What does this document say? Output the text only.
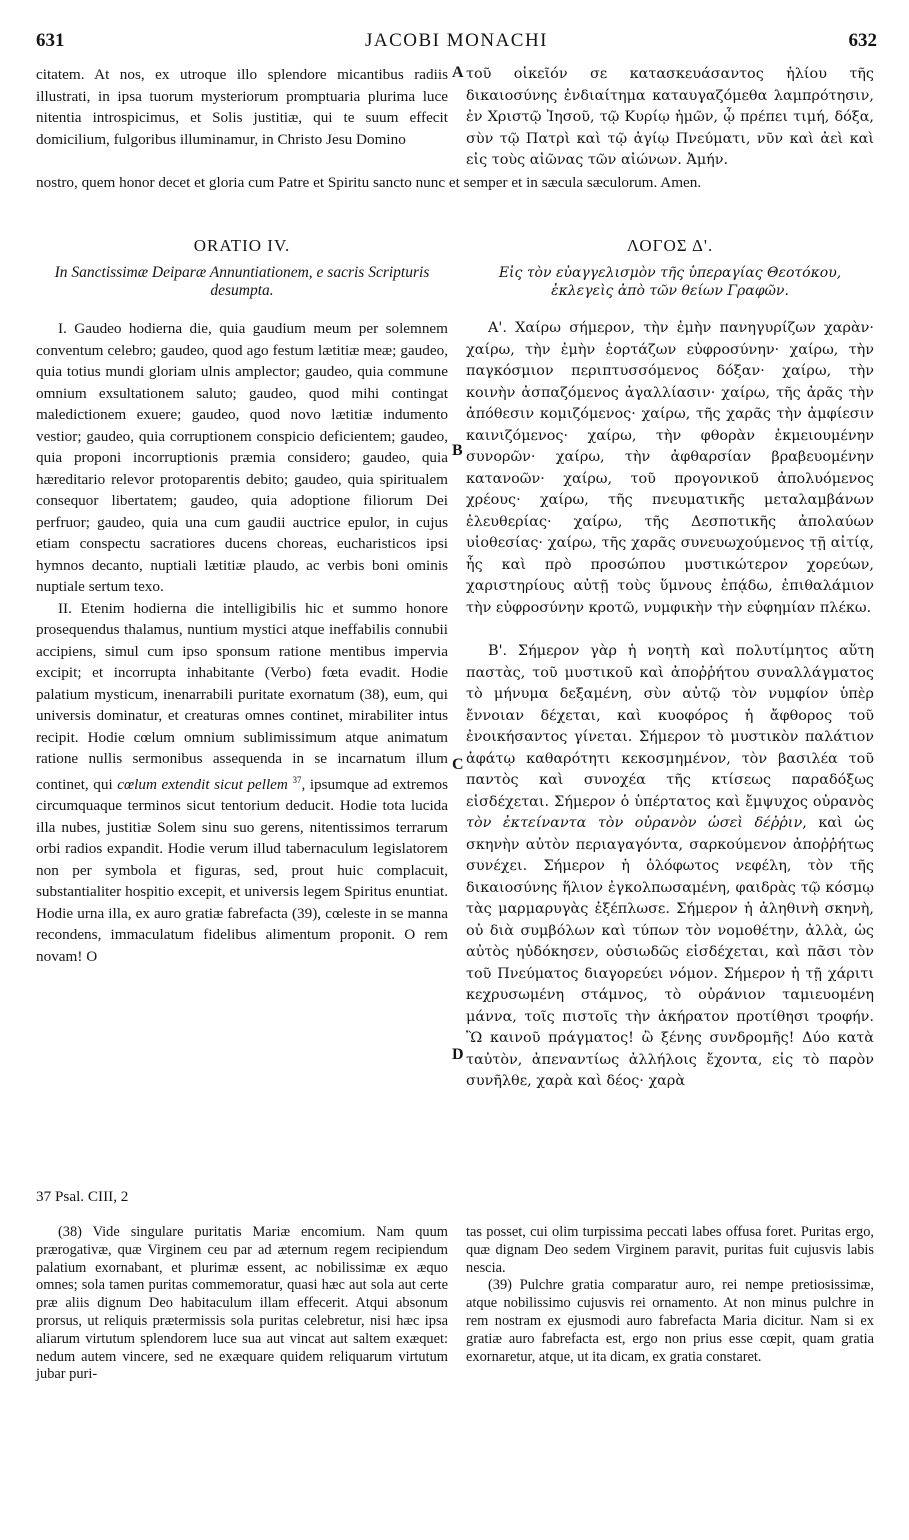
631	JACOBI MONACHI	632

citatem. At nos, ex utroque illo splendore micantibus radiis illustrati, in ipsa tuorum mysteriorum promptuaria plurima luce nitentia introspicimus, et Solis justitiæ, qui te suum effecit domicilium, fulgoribus illuminamur, in Christo Jesu Domino

τοῦ οἰκεῖόν σε κατασκευάσαντος ἡλίου τῆς δικαιοσύνης ἐνδιαίτημα καταυγαζόμεθα λαμπρότησιν, ἐν Χριστῷ Ἰησοῦ, τῷ Κυρίῳ ἡμῶν, ᾧ πρέπει τιμή, δόξα, σὺν τῷ Πατρὶ καὶ τῷ ἁγίῳ Πνεύματι, νῦν καὶ ἀεὶ καὶ εἰς τοὺς αἰῶνας τῶν αἰώνων. Ἀμήν.

nostro, quem honor decet et gloria cum Patre et Spiritu sancto nunc et semper et in sæcula sæculorum. Amen.

A
ORATIO IV.	ΛΟΓΟΣ Δ'.
In Sanctissimæ Deiparæ Annuntiationem, e sacris Scripturis desumpta.
Εἰς τὸν εὐαγγελισμὸν τῆς ὑπεραγίας Θεοτόκου, ἐκλεγεὶς ἀπὸ τῶν θείων Γραφῶν.

I. Gaudeo hodierna die, quia gaudium meum per solemnem conventum celebro; gaudeo, quod ago festum lætitiæ meæ; gaudeo, quia totius mundi gloriam ulnis amplector; gaudeo, quia commune omnium exsultationem saluto; gaudeo, quod mihi contingat maledictionem exuere; gaudeo, quod novo lætitiæ indumento vestior; gaudeo, quia corruptionem conspicio deficientem; gaudeo, quia proponi incorruptionis præmia considero; gaudeo, quia hæreditario relevor protoparentis debito; gaudeo, quia spiritualem consequor libertatem; gaudeo, quia adoptione filiorum Dei perfruor; gaudeo, quia una cum gaudii auctrice epulor, in cujus etiam conspectu sacratiores ducens choreas, eucharisticos ipsi hymnos decanto, nuptiali lætitiæ plaudo, ac verbis boni ominis nuptiale sertum texo.

II. Etenim hodierna die intelligibilis hic et summo honore prosequendus thalamus, nuntium mystici atque ineffabilis connubii accipiens, simul cum ipso sponsum ratione mentibus impervia excipit; et incorrupta inhabitante (Verbo) fœta evadit. Hodie palatium mysticum, inenarrabili puritate exornatum (38), eum, qui universis dominatur, et creaturas omnes continet, mirabiliter intus recipit. Hodie cœlum omnium sublimissimum atque animatum ratione nullis sermonibus assequenda in se incarnatum illum continet, qui cœlum extendit sicut pellem $^{37}$, ipsumque ad extremos circumquaque terminos sicut tentorium deducit. Hodie tota lucida illa nubes, justitiæ Solem sinu suo gerens, nitentissimos terrarum orbi radios expandit. Hodie verum illud tabernaculum legislatorem non per symbola et figuras, sed, prout huic complacuit, substantialiter hospitio excepit, et universis legem Spiritus enuntiat. Hodie urna illa, ex auro gratiæ fabrefacta (39), cœleste in se manna recondens, immaculatum fidelibus alimentum proponit. O rem novam! O

Α'. Χαίρω σήμερον, τὴν ἐμὴν πανηγυρίζων χαρὰν· χαίρω, τὴν ἐμὴν ἑορτάζων εὐφροσύνην· χαίρω, τὴν παγκόσμιον περιπτυσσόμενος δόξαν· χαίρω, τὴν κοινὴν ἀσπαζόμενος ἀγαλλίασιν· χαίρω, τῆς ἀρᾶς τὴν ἀπόθεσιν κομιζόμενος· χαίρω, τῆς χαρᾶς τὴν ἀμφίεσιν καινιζόμενος· χαίρω, τὴν φθορὰν ἐκμειουμένην συνορῶν· χαίρω, τὴν ἀφθαρσίαν βραβευομένην κατανοῶν· χαίρω, τοῦ προγονικοῦ ἀπολυόμενος χρέους· χαίρω, τῆς πνευματικῆς μεταλαμβάνων ἐλευθερίας· χαίρω, τῆς Δεσποτικῆς ἀπολαύων υἱοθεσίας· χαίρω, τῆς χαρᾶς συνευωχούμενος τῇ αἰτίᾳ, ἧς καὶ πρὸ προσώπου μυστικώτερον χορεύων, χαριστηρίους αὐτῇ τοὺς ὕμνους ἐπᾴδω, ἐπιθαλάμιον τὴν εὐφροσύνην κροτῶ, νυμφικὴν τὴν εὐφημίαν πλέκω.

Β'. Σήμερον γὰρ ἡ νοητὴ καὶ πολυτίμητος αὕτη παστὰς, τοῦ μυστικοῦ καὶ ἀποῤῥήτου συναλλάγματος τὸ μήνυμα δεξαμένη, σὺν αὐτῷ τὸν νυμφίον ὑπὲρ ἔννοιαν δέχεται, καὶ κυοφόρος ἡ ἄφθορος τοῦ ἐνοικήσαντος γίνεται. Σήμερον τὸ μυστικὸν παλάτιον ἀφάτῳ καθαρότητι κεκοσμημένον, τὸν βασιλέα τοῦ παντὸς καὶ συνοχέα τῆς κτίσεως παραδόξως εἰσδέχεται. Σήμερον ὁ ὑπέρτατος καὶ ἔμψυχος οὐρανὸς τὸν ἐκτείναντα τὸν οὐρανὸν ὡσεὶ δέῤῥιν, καὶ ὡς σκηνὴν αὐτὸν περιαγαγόντα, σαρκούμενον ἀποῤῥήτως συνέχει. Σήμερον ἡ ὁλόφωτος νεφέλη, τὸν τῆς δικαιοσύνης ἥλιον ἐγκολπωσαμένη, φαιδρὰς τῷ κόσμῳ τὰς μαρμαρυγὰς ἐξέπλωσε. Σήμερον ἡ ἀληθινὴ σκηνὴ, οὐ διὰ συμβόλων καὶ τύπων τὸν νομοθέτην, ἀλλὰ, ὡς αὐτὸς ηὐδόκησεν, οὐσιωδῶς εἰσδέχεται, καὶ πᾶσι τὸν τοῦ Πνεύματος διαγορεύει νόμον. Σήμερον ἡ τῇ χάριτι κεχρυσωμένη στάμνος, τὸ οὐράνιον ταμιευομένη μάννα, τοῖς πιστοῖς τὴν ἀκήρατον προτίθησι τροφήν. Ὢ καινοῦ πράγματος! ὢ ξένης συνδρομῆς! Δύο κατὰ ταὐτὸν, ἀπεναντίως ἀλλήλοις ἔχοντα, εἰς τὸ παρὸν συνῆλθε, χαρὰ καὶ δέος· χαρὰ

B
C
D
37 Psal. CIII, 2

(38) Vide singulare puritatis Mariæ encomium. Nam quum prærogativæ, quæ Virginem ceu par ad æternum regem recipiendum palatium exornabant, et plurimæ essent, ac nobilissimæ ex æquo omnes; sola tamen puritas commemoratur, quasi hæc aut sola aut certe præ aliis dignum Deo habitaculum illam effecerit. Atqui absonum prorsus, ut reliquis prætermissis sola puritas celebretur, nisi hæc ipsa aliarum virtutum splendorem luce sua aut vincat aut saltem exæquet: nedum autem vincere, sed ne exæquare quidem reliquarum virtutum jubar puri-

tas posset, cui olim turpissima peccati labes offusa foret. Puritas ergo, quæ dignam Deo sedem Virginem paravit, puritas fuit cujusvis labis nescia.

(39) Pulchre gratia comparatur auro, rei nempe pretiosissimæ, atque nobilissimo cujusvis rei ornamento. At non minus pulchre in rem nostram ex ejusmodi auro fabrefacta Maria dicitur. Nam si ex gratiæ auro fabrefacta est, ergo non prius esse cœpit, quam gratia exornaretur, atque, ut ita dicam, ex gratia constaret.
